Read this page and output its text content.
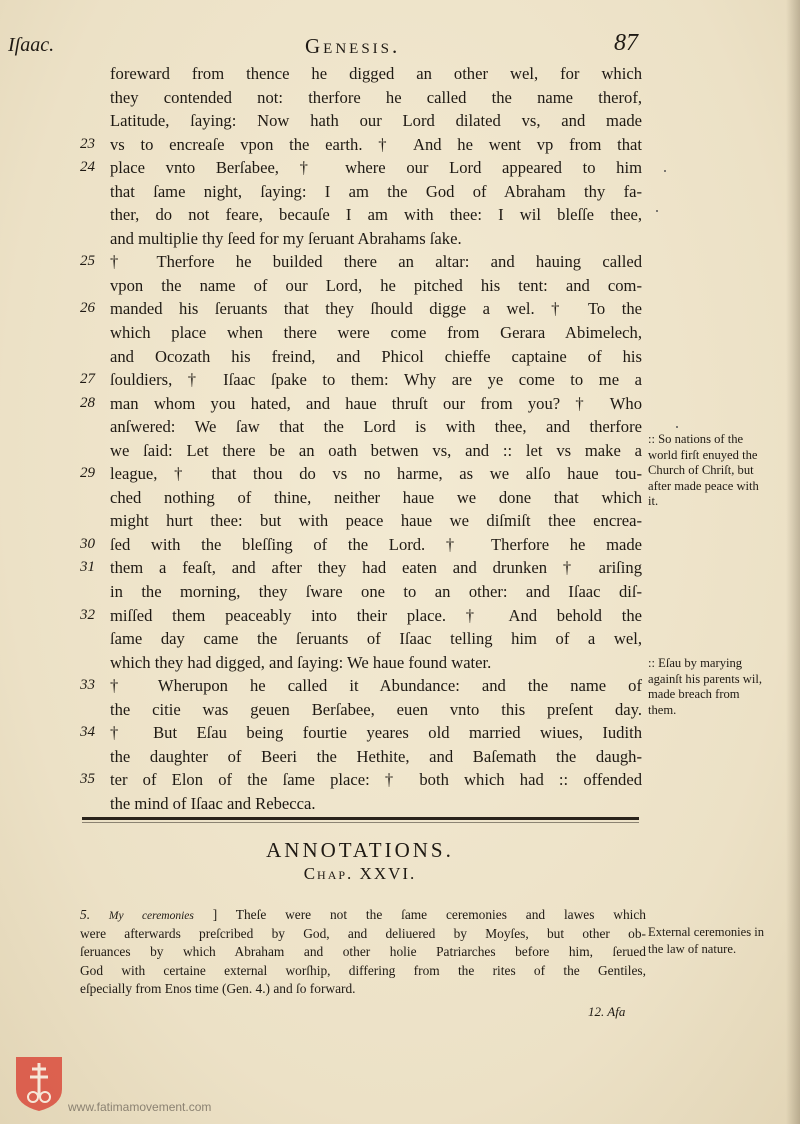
Iſaac.	Genesis.	87
foreward from thence he digged an other wel, for which
they contended not: therfore he called the name therof,
Latitude, ſaying: Now hath our Lord dilated vs, and made
23 vs to encreaſe vpon the earth. † And he went vp from that
24 place vnto Berſabee, † where our Lord appeared to him
that ſame night, ſaying: I am the God of Abraham thy fa-
ther, do not feare, becauſe I am with thee: I wil bleſſe thee,
and multiplie thy ſeed for my ſeruant Abrahams ſake.
25 † Therfore he builded there an altar: and hauing called
vpon the name of our Lord, he pitched his tent: and com-
26 manded his ſeruants that they ſhould digge a wel. † To the
which place when there were come from Gerara Abimelech,
and Ocozath his freind, and Phicol chieffe captaine of his
27 ſouldiers, † Iſaac ſpake to them: Why are ye come to me a
28 man whom you hated, and haue thruſt our from you? † Who
anſwered: We ſaw that the Lord is with thee, and therfore
we ſaid: Let there be an oath betwen vs, and :: let vs make a
29 league, † that thou do vs no harme, as we alſo haue tou-
ched nothing of thine, neither haue we done that which
might hurt thee: but with peace haue we diſmiſt thee encrea-
30 ſed with the bleſſing of the Lord. † Therfore he made
31 them a feaſt, and after they had eaten and drunken † ariſing
in the morning, they ſware one to an other: and Iſaac diſ-
32 miſſed them peaceably into their place. † And behold the
ſame day came the ſeruants of Iſaac telling him of a wel,
which they had digged, and ſaying: We haue found water.
33 † Wherupon he called it Abundance: and the name of
the citie was geuen Berſabee, euen vnto this preſent day.
34 † But Eſau being fourtie yeares old married wiues, Iudith
the daughter of Beeri the Hethite, and Baſemath the daugh-
35 ter of Elon of the ſame place: † both which had :: offended
the mind of Iſaac and Rebecca.
:: So nations of the world firſt enuyed the Church of Chriſt, but after made peace with it.
:: Eſau by marying againſt his parents wil, made breach from them.
ANNOTATIONS.
Chap. XXVI.
5. My ceremonies ] Theſe were not the ſame ceremonies and lawes which
were afterwards preſcribed by God, and deliuered by Moyſes, but other ob-
ſeruances by which Abraham and other holie Patriarches before him, ſerued
God with certaine external worſhip, differing from the rites of the Gentiles,
eſpecially from Enos time (Gen. 4.) and ſo forward.
External ceremonies in the law of nature.
12. Afa
www.fatimamovement.com
